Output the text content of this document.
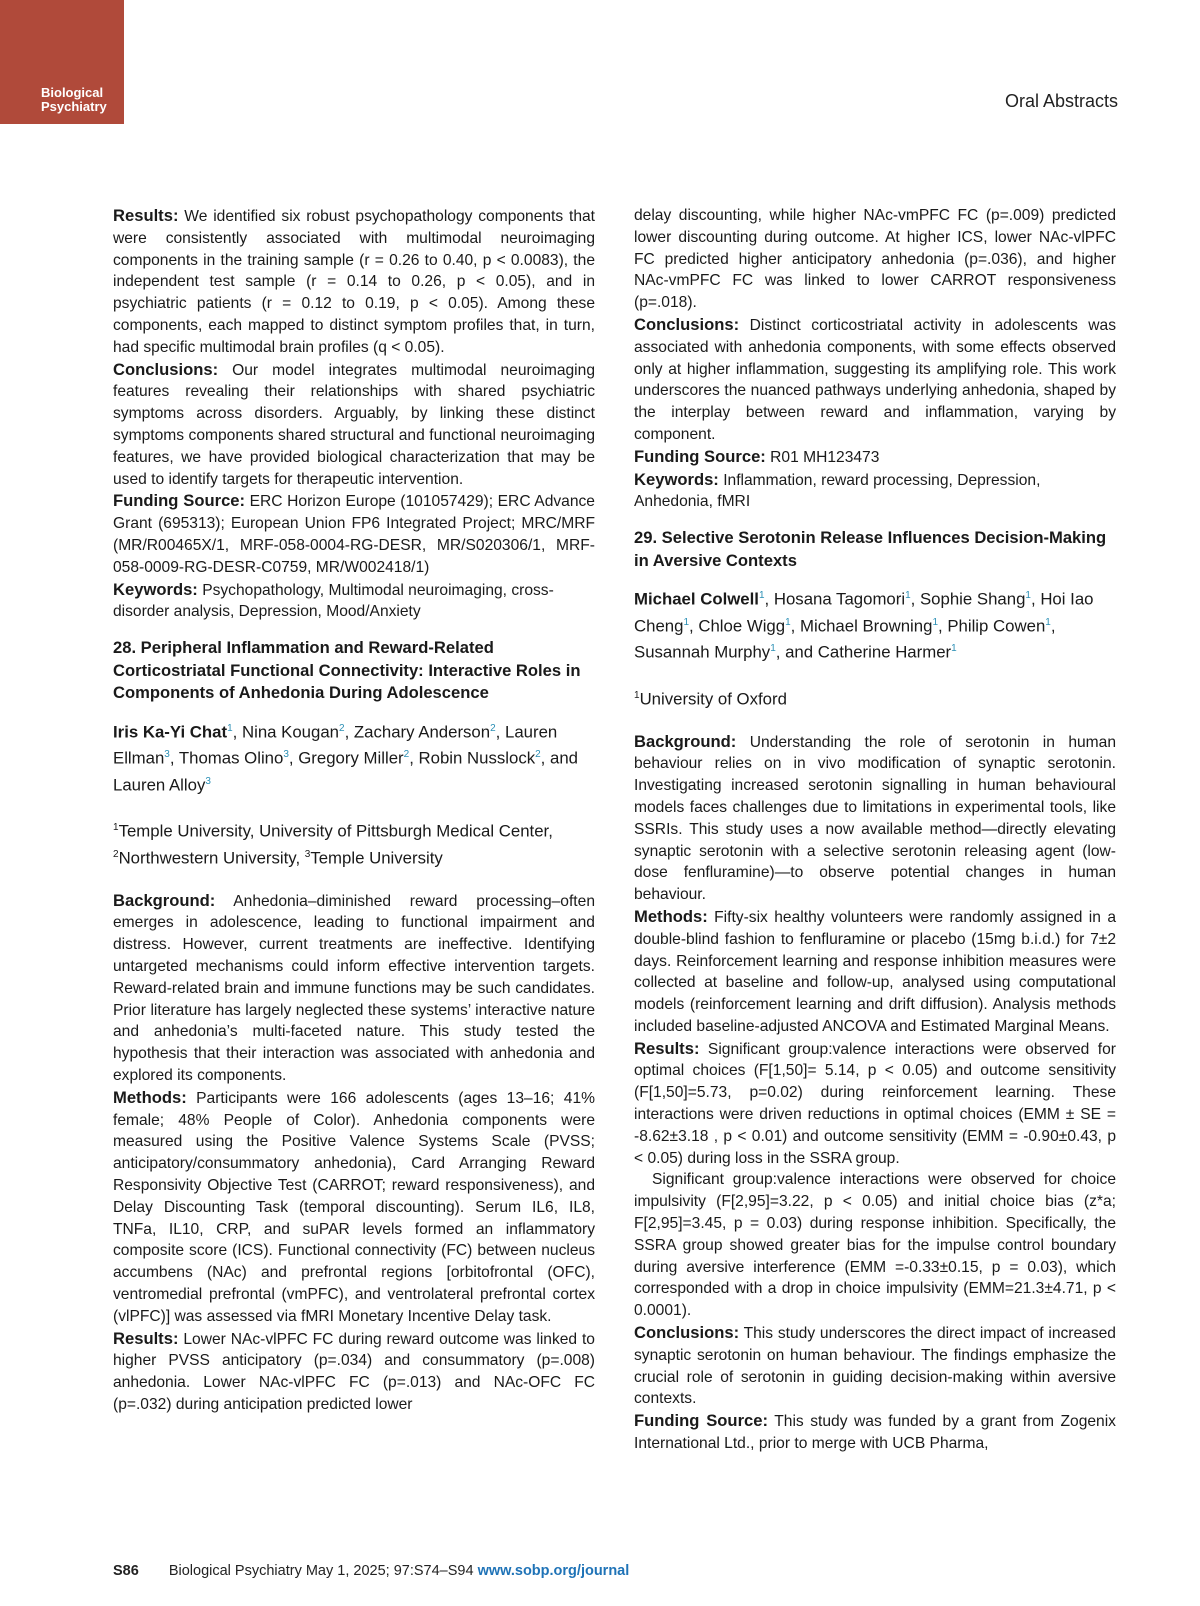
Biological
Psychiatry	Oral Abstracts

Results: We identified six robust psychopathology components that were consistently associated with multimodal neuroimaging components in the training sample (r = 0.26 to 0.40, p < 0.0083), the independent test sample (r = 0.14 to 0.26, p < 0.05), and in psychiatric patients (r = 0.12 to 0.19, p < 0.05). Among these components, each mapped to distinct symptom profiles that, in turn, had specific multimodal brain profiles (q < 0.05).

Conclusions: Our model integrates multimodal neuroimaging features revealing their relationships with shared psychiatric symptoms across disorders. Arguably, by linking these distinct symptoms components shared structural and functional neuroimaging features, we have provided biological characterization that may be used to identify targets for therapeutic intervention.

Funding Source: ERC Horizon Europe (101057429); ERC Advance Grant (695313); European Union FP6 Integrated Project; MRC/MRF (MR/R00465X/1, MRF-058-0004-RG-DESR, MR/S020306/1, MRF-058-0009-RG-DESR-C0759, MR/W002418/1)

Keywords: Psychopathology, Multimodal neuroimaging, cross-disorder analysis, Depression, Mood/Anxiety

28. Peripheral Inflammation and Reward-Related Corticostriatal Functional Connectivity: Interactive Roles in Components of Anhedonia During Adolescence
Iris Ka-Yi Chat$^1$, Nina Kougan$^2$, Zachary Anderson$^2$, Lauren Ellman$^3$, Thomas Olino$^3$, Gregory Miller$^2$, Robin Nusslock$^2$, and Lauren Alloy$^3$
$^1$Temple University, University of Pittsburgh Medical Center, $^2$Northwestern University, $^3$Temple University

Background: Anhedonia–diminished reward processing–often emerges in adolescence, leading to functional impairment and distress. However, current treatments are ineffective. Identifying untargeted mechanisms could inform effective intervention targets. Reward-related brain and immune functions may be such candidates. Prior literature has largely neglected these systems’ interactive nature and anhedonia’s multi-faceted nature. This study tested the hypothesis that their interaction was associated with anhedonia and explored its components.

Methods: Participants were 166 adolescents (ages 13–16; 41% female; 48% People of Color). Anhedonia components were measured using the Positive Valence Systems Scale (PVSS; anticipatory/consummatory anhedonia), Card Arranging Reward Responsivity Objective Test (CARROT; reward responsiveness), and Delay Discounting Task (temporal discounting). Serum IL6, IL8, TNFa, IL10, CRP, and suPAR levels formed an inflammatory composite score (ICS). Functional connectivity (FC) between nucleus accumbens (NAc) and prefrontal regions [orbitofrontal (OFC), ventromedial prefrontal (vmPFC), and ventrolateral prefrontal cortex (vlPFC)] was assessed via fMRI Monetary Incentive Delay task.

Results: Lower NAc-vlPFC FC during reward outcome was linked to higher PVSS anticipatory (p=.034) and consummatory (p=.008) anhedonia. Lower NAc-vlPFC FC (p=.013) and NAc-OFC FC (p=.032) during anticipation predicted lower

delay discounting, while higher NAc-vmPFC FC (p=.009) predicted lower discounting during outcome. At higher ICS, lower NAc-vlPFC FC predicted higher anticipatory anhedonia (p=.036), and higher NAc-vmPFC FC was linked to lower CARROT responsiveness (p=.018).

Conclusions: Distinct corticostriatal activity in adolescents was associated with anhedonia components, with some effects observed only at higher inflammation, suggesting its amplifying role. This work underscores the nuanced pathways underlying anhedonia, shaped by the interplay between reward and inflammation, varying by component.

Funding Source: R01 MH123473

Keywords: Inflammation, reward processing, Depression, Anhedonia, fMRI

29. Selective Serotonin Release Influences Decision-Making in Aversive Contexts
Michael Colwell$^1$, Hosana Tagomori$^1$, Sophie Shang$^1$, Hoi Iao Cheng$^1$, Chloe Wigg$^1$, Michael Browning$^1$, Philip Cowen$^1$, Susannah Murphy$^1$, and Catherine Harmer$^1$
$^1$University of Oxford

Background: Understanding the role of serotonin in human behaviour relies on in vivo modification of synaptic serotonin. Investigating increased serotonin signalling in human behavioural models faces challenges due to limitations in experimental tools, like SSRIs. This study uses a now available method—directly elevating synaptic serotonin with a selective serotonin releasing agent (low-dose fenfluramine)—to observe potential changes in human behaviour.

Methods: Fifty-six healthy volunteers were randomly assigned in a double-blind fashion to fenfluramine or placebo (15mg b.i.d.) for 7±2 days. Reinforcement learning and response inhibition measures were collected at baseline and follow-up, analysed using computational models (reinforcement learning and drift diffusion). Analysis methods included baseline-adjusted ANCOVA and Estimated Marginal Means.

Results: Significant group:valence interactions were observed for optimal choices (F[1,50]= 5.14, p < 0.05) and outcome sensitivity (F[1,50]=5.73, p=0.02) during reinforcement learning. These interactions were driven reductions in optimal choices (EMM ± SE = -8.62±3.18 , p < 0.01) and outcome sensitivity (EMM = -0.90±0.43, p < 0.05) during loss in the SSRA group.

Significant group:valence interactions were observed for choice impulsivity (F[2,95]=3.22, p < 0.05) and initial choice bias (z*a; F[2,95]=3.45, p = 0.03) during response inhibition. Specifically, the SSRA group showed greater bias for the impulse control boundary during aversive interference (EMM =-0.33±0.15, p = 0.03), which corresponded with a drop in choice impulsivity (EMM=21.3±4.71, p < 0.0001).

Conclusions: This study underscores the direct impact of increased synaptic serotonin on human behaviour. The findings emphasize the crucial role of serotonin in guiding decision-making within aversive contexts.

Funding Source: This study was funded by a grant from Zogenix International Ltd., prior to merge with UCB Pharma,

S86 Biological Psychiatry May 1, 2025; 97:S74–S94 www.sobp.org/journal
